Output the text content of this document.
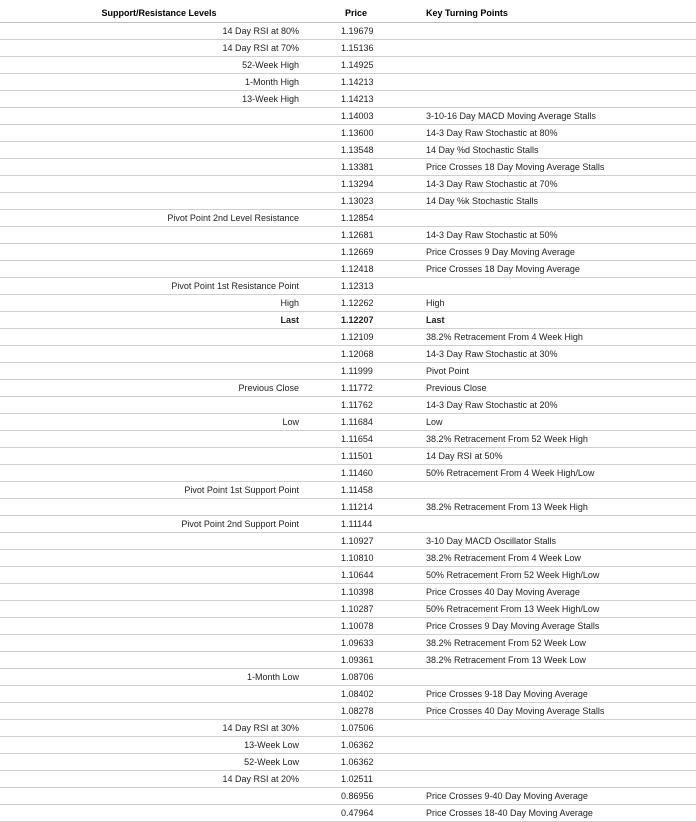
Support/Resistance Levels	Price	Key Turning Points
14 Day RSI at 80%	1.19679	
14 Day RSI at 70%	1.15136	
52-Week High	1.14925	
1-Month High	1.14213	
13-Week High	1.14213	
	1.14003	3-10-16 Day MACD Moving Average Stalls
	1.13600	14-3 Day Raw Stochastic at 80%
	1.13548	14 Day %d Stochastic Stalls
	1.13381	Price Crosses 18 Day Moving Average Stalls
	1.13294	14-3 Day Raw Stochastic at 70%
	1.13023	14 Day %k Stochastic Stalls
Pivot Point 2nd Level Resistance	1.12854	
	1.12681	14-3 Day Raw Stochastic at 50%
	1.12669	Price Crosses 9 Day Moving Average
	1.12418	Price Crosses 18 Day Moving Average
Pivot Point 1st Resistance Point	1.12313	
High	1.12262	High
Last	1.12207	Last
	1.12109	38.2% Retracement From 4 Week High
	1.12068	14-3 Day Raw Stochastic at 30%
	1.11999	Pivot Point
Previous Close	1.11772	Previous Close
	1.11762	14-3 Day Raw Stochastic at 20%
Low	1.11684	Low
	1.11654	38.2% Retracement From 52 Week High
	1.11501	14 Day RSI at 50%
	1.11460	50% Retracement From 4 Week High/Low
Pivot Point 1st Support Point	1.11458	
	1.11214	38.2% Retracement From 13 Week High
Pivot Point 2nd Support Point	1.11144	
	1.10927	3-10 Day MACD Oscillator Stalls
	1.10810	38.2% Retracement From 4 Week Low
	1.10644	50% Retracement From 52 Week High/Low
	1.10398	Price Crosses 40 Day Moving Average
	1.10287	50% Retracement From 13 Week High/Low
	1.10078	Price Crosses 9 Day Moving Average Stalls
	1.09633	38.2% Retracement From 52 Week Low
	1.09361	38.2% Retracement From 13 Week Low
1-Month Low	1.08706	
	1.08402	Price Crosses 9-18 Day Moving Average
	1.08278	Price Crosses 40 Day Moving Average Stalls
14 Day RSI at 30%	1.07506	
13-Week Low	1.06362	
52-Week Low	1.06362	
14 Day RSI at 20%	1.02511	
	0.86956	Price Crosses 9-40 Day Moving Average
	0.47964	Price Crosses 18-40 Day Moving Average
